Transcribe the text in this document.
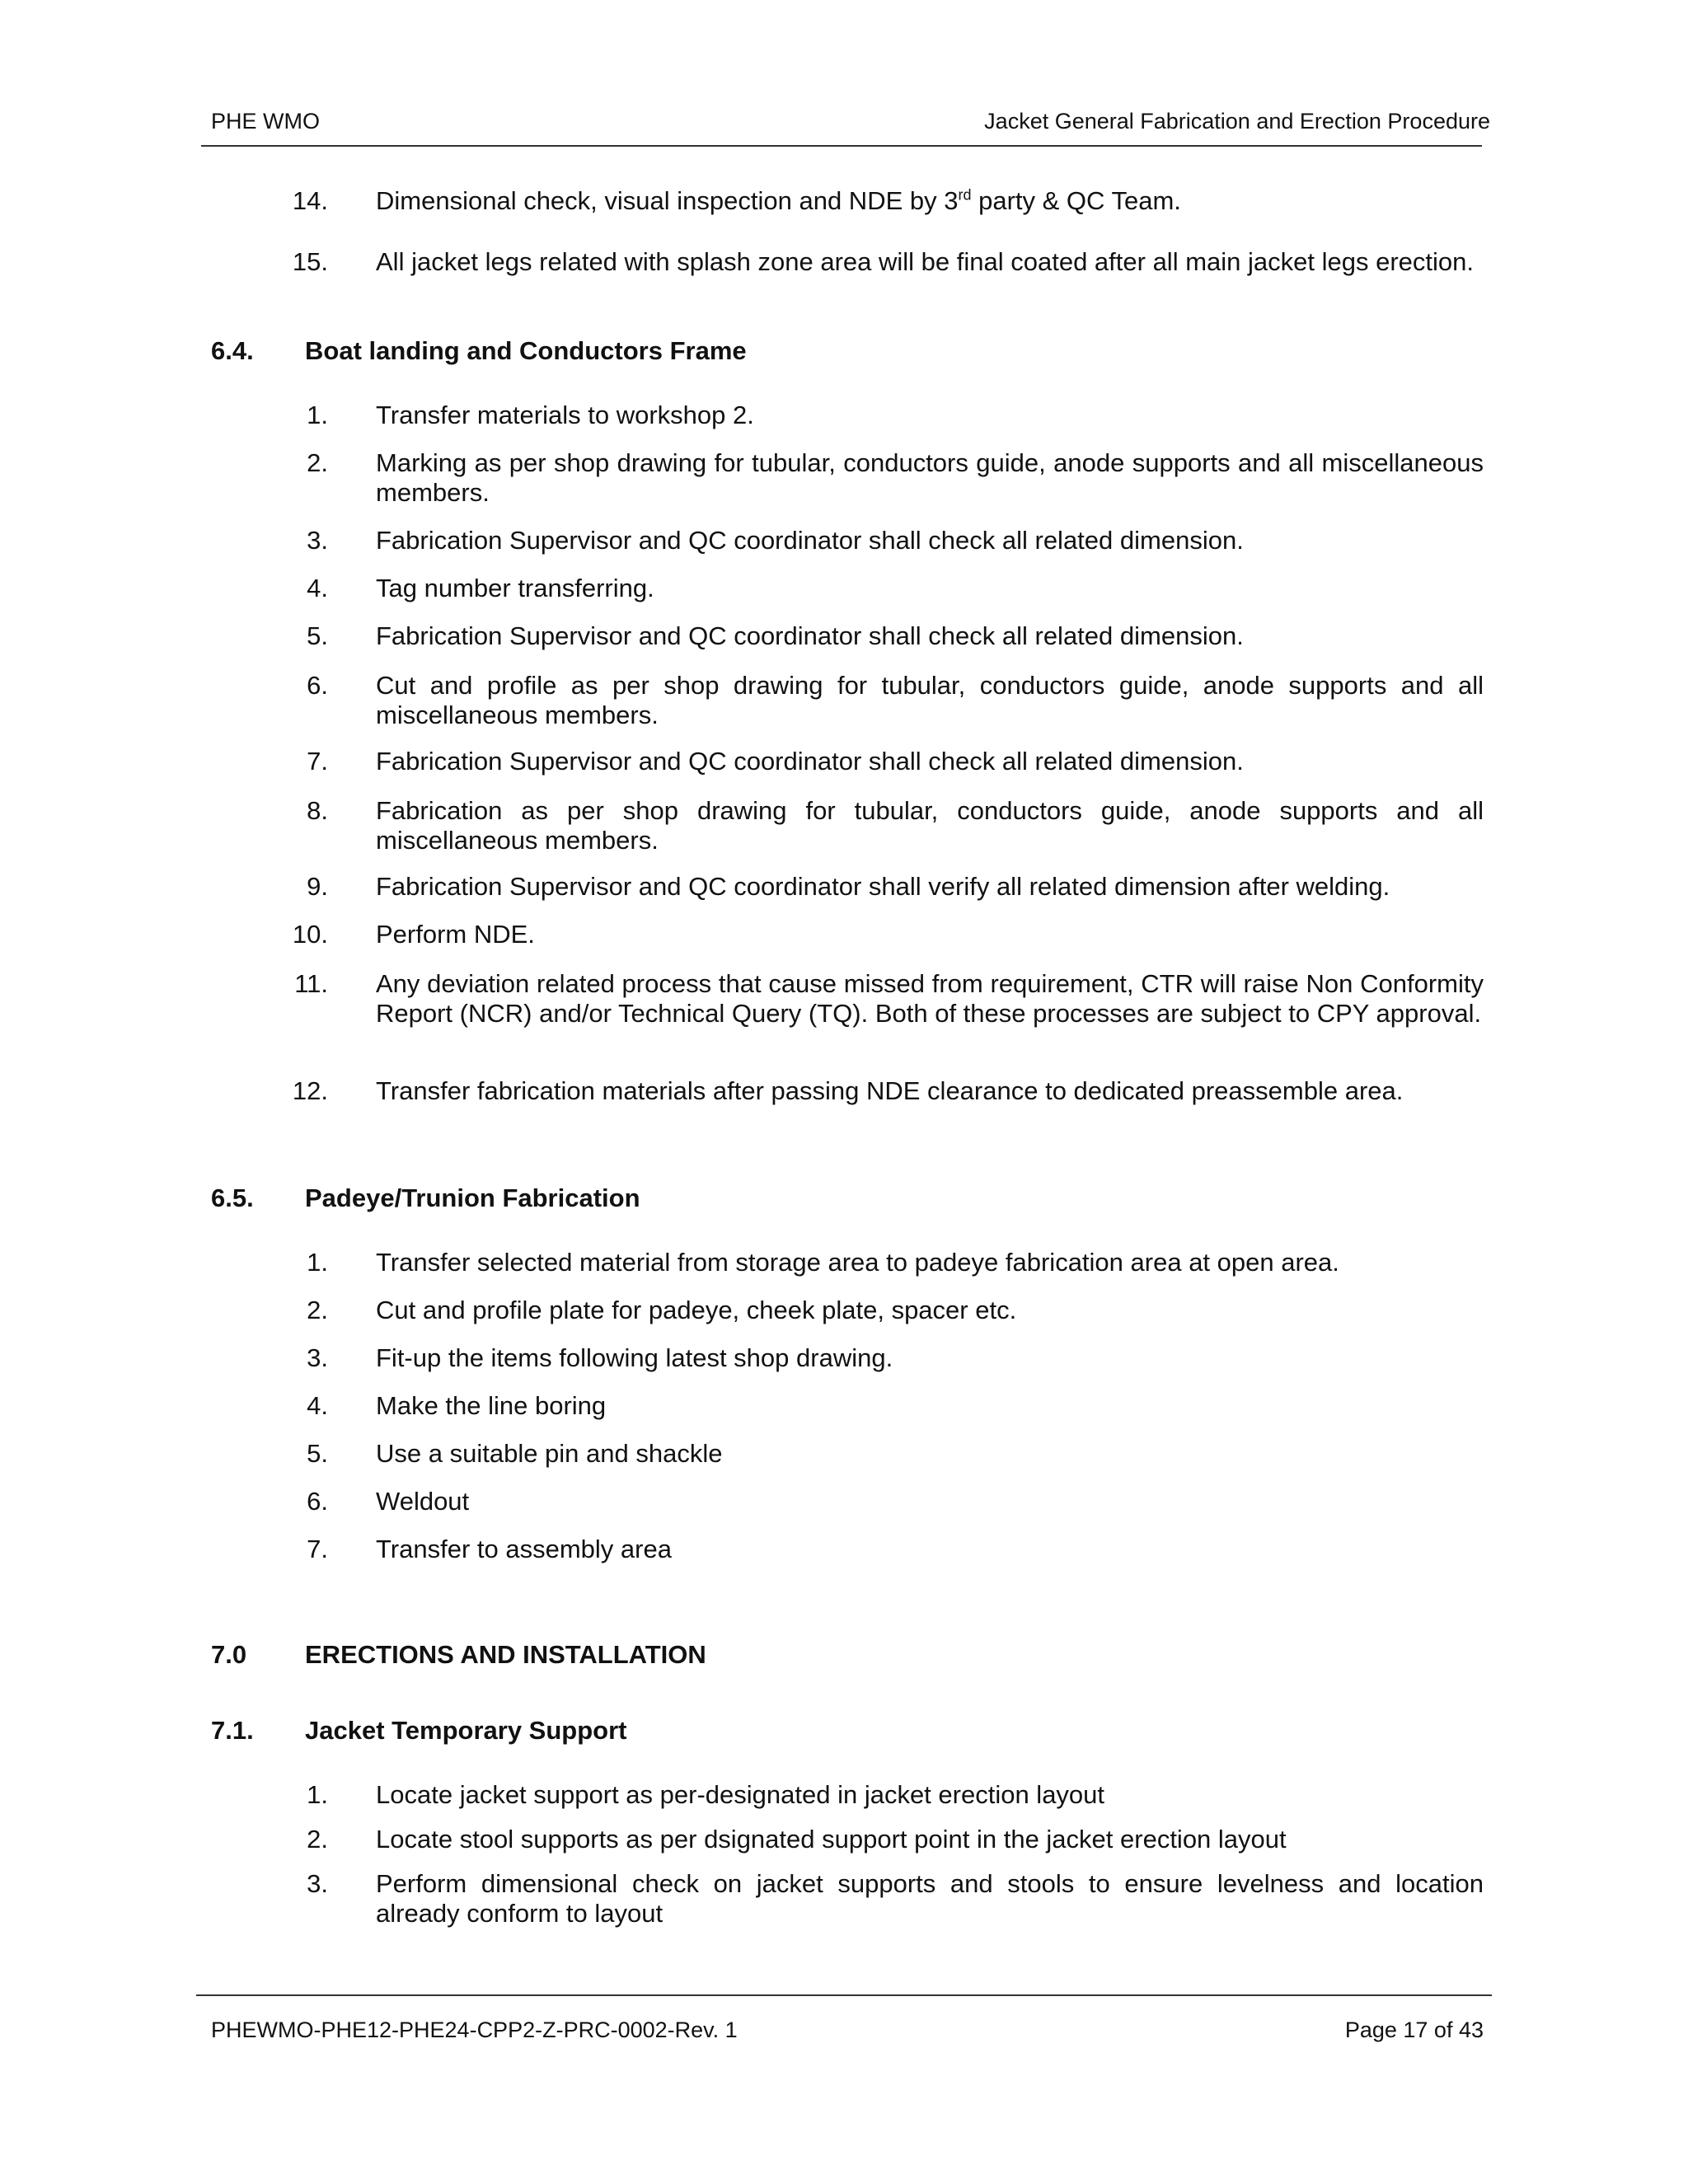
PHE WMO	Jacket General Fabrication and Erection Procedure
14. Dimensional check, visual inspection and NDE by 3rd party & QC Team.
15. All jacket legs related with splash zone area will be final coated after all main jacket legs erection.
6.4. Boat landing and Conductors Frame
1. Transfer materials to workshop 2.
2. Marking as per shop drawing for tubular, conductors guide, anode supports and all miscellaneous members.
3. Fabrication Supervisor and QC coordinator shall check all related dimension.
4. Tag number transferring.
5. Fabrication Supervisor and QC coordinator shall check all related dimension.
6. Cut and profile as per shop drawing for tubular, conductors guide, anode supports and all miscellaneous members.
7. Fabrication Supervisor and QC coordinator shall check all related dimension.
8. Fabrication as per shop drawing for tubular, conductors guide, anode supports and all miscellaneous members.
9. Fabrication Supervisor and QC coordinator shall verify all related dimension after welding.
10. Perform NDE.
11. Any deviation related process that cause missed from requirement, CTR will raise Non Conformity Report (NCR) and/or Technical Query (TQ). Both of these processes are subject to CPY approval.
12. Transfer fabrication materials after passing NDE clearance to dedicated preassemble area.
6.5. Padeye/Trunion Fabrication
1. Transfer selected material from storage area to padeye fabrication area at open area.
2. Cut and profile plate for padeye, cheek plate, spacer etc.
3. Fit-up the items following latest shop drawing.
4. Make the line boring
5. Use a suitable pin and shackle
6. Weldout
7. Transfer to assembly area
7.0 ERECTIONS AND INSTALLATION
7.1. Jacket Temporary Support
1. Locate jacket support as per-designated in jacket erection layout
2. Locate stool supports as per dsignated support point in the jacket erection layout
3. Perform dimensional check on jacket supports and stools to ensure levelness and location already conform to layout
PHEWMO-PHE12-PHE24-CPP2-Z-PRC-0002-Rev. 1	Page 17 of 43
